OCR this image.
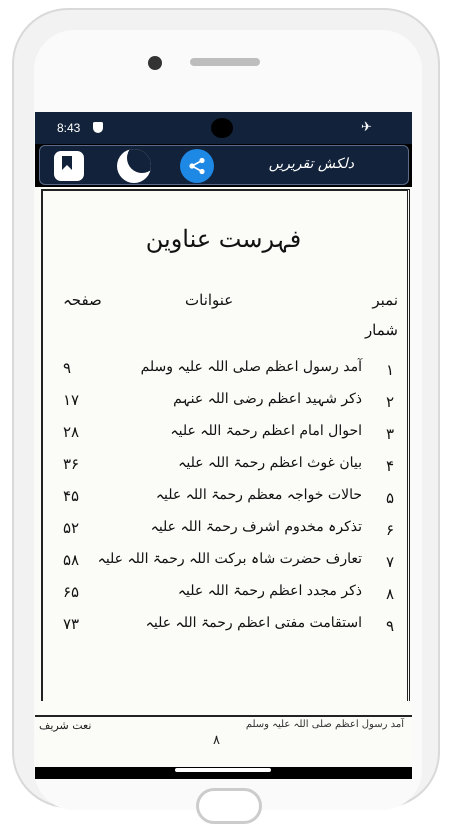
8:43	✈
دلکش تقریریں
فہرست عناوین
نمبر
شمار
عنوانات
صفحہ
۱
آمد رسول اعظم صلی اللہ علیہ وسلم
۹
۲
ذکر شہید اعظم رضی اللہ عنہم
۱۷
۳
احوال امام اعظم رحمۃ اللہ علیہ
۲۸
۴
بیان غوث اعظم رحمۃ اللہ علیہ
۳۶
۵
حالات خواجہ معظم رحمۃ اللہ علیہ
۴۵
۶
تذکرہ مخدوم اشرف رحمۃ اللہ علیہ
۵۲
۷
تعارف حضرت شاہ برکت اللہ رحمۃ اللہ علیہ
۵۸
۸
ذکر مجدد اعظم رحمۃ اللہ علیہ
۶۵
۹
استقامت مفتی اعظم رحمۃ اللہ علیہ
۷۳
نعت شریف	آمد رسول اعظم صلی اللہ علیہ وسلم
۸
